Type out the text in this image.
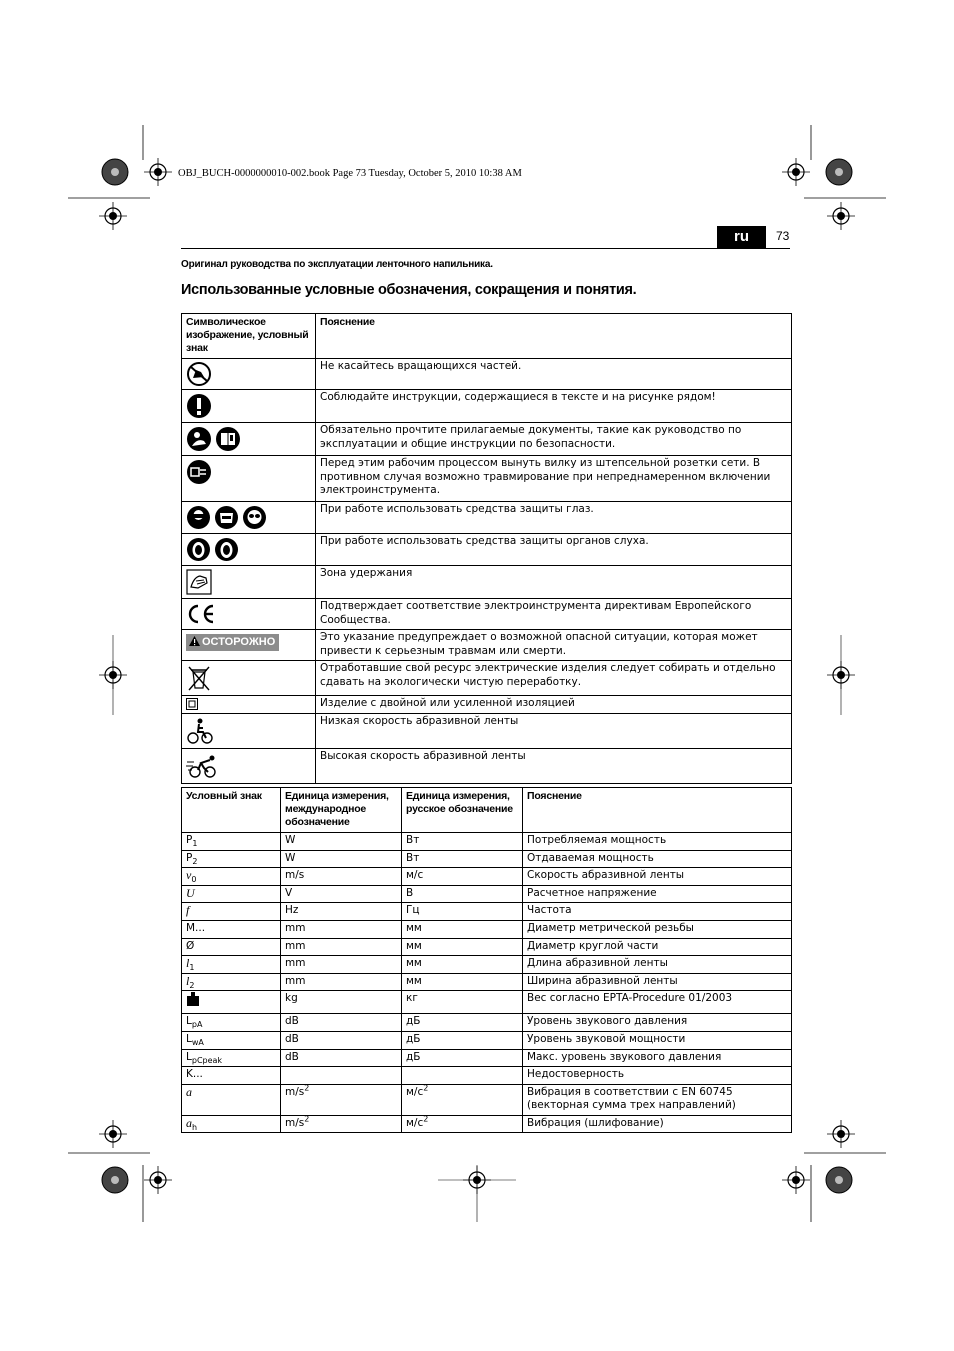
OBJ_BUCH-0000000010-002.book Page 73 Tuesday, October 5, 2010 10:38 AM
ru	73
Оригинал руководства по эксплуатации ленточного напильника.
Использованные условные обозначения, сокращения и понятия.
Символическое изображение, условный знак	Пояснение

	Не касайтесь вращающихся частей.

	Соблюдайте инструкции, содержащиеся в тексте и на рисунке рядом!

	Обязательно прочтите прилагаемые документы, такие как руководство по эксплуатации и общие инструкции по безопасности.

	Перед этим рабочим процессом вынуть вилку из штепсельной розетки сети. В противном случая возможно травмирование при непреднамеренном включении электроинструмента.

	При работе использовать средства защиты глаз.

	При работе использовать средства защиты органов слуха.

	Зона удержания

	Подтверждает соответствие электроинструмента директивам Европейского Сообщества.

ОСТОРОЖНО	Это указание предупреждает о возможной опасной ситуации, которая может привести к серьезным травмам или смерти.

	Отработавшие свой ресурс электрические изделия следует собирать и отдельно сдавать на экологически чистую переработку.

	Изделие с двойной или усиленной изоляцией

	Низкая скорость абразивной ленты

	Высокая скорость абразивной ленты
Условный знак	Единица измерения, международное обозначение	Единица измерения, русское обозначение	Пояснение
$P_1$	W	Вт	Потребляемая мощность
$P_2$	W	Вт	Отдаваемая мощность
$v_0$	m/s	м/с	Скорость абразивной ленты
U	V	В	Расчетное напряжение
f	Hz	Гц	Частота
M...	mm	мм	Диаметр метрической резьбы
Ø	mm	мм	Диаметр круглой части
$l_1$	mm	мм	Длина абразивной ленты
$l_2$	mm	мм	Ширина абразивной ленты

	kg	кг	Вес согласно EPTA-Procedure 01/2003
$L_{pA}$	dB	дБ	Уровень звукового давления
$L_{wA}$	dB	дБ	Уровень звуковой мощности
$L_{pCpeak}$	dB	дБ	Макс. уровень звукового давления
K...			Недостоверность
a	$m/s^2$	$м/с^2$	Вибрация в соответствии с EN 60745 (векторная сумма трех направлений)
$a_h$	$m/s^2$	$м/с^2$	Вибрация (шлифование)
